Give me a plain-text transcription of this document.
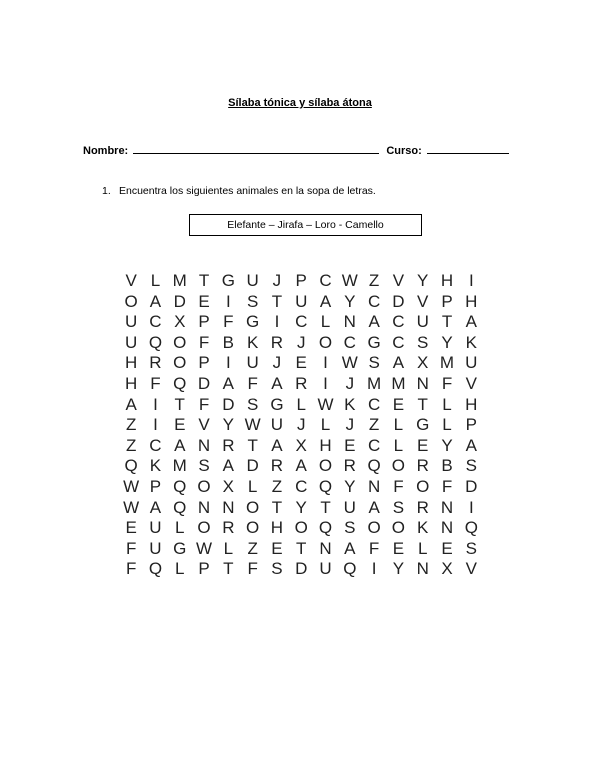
Sílaba tónica y sílaba átona
Nombre:	Curso:
1. Encuentra los siguientes animales en la sopa de letras.
Elefante – Jirafa – Loro - Camello
V L M T G U J P C W Z V Y H I
O A D E I S T U A Y C D V P H
U C X P F G I C L N A C U T A
U Q O F B K R J O C G C S Y K
H R O P I U J E I W S A X M U
H F Q D A F A R I	J M M N F V
A I T F D S G L W K C E T L H
Z I E V Y W U J L J Z L G L P
Z C A N R T A X H E C L E Y A
Q K M S A D R A O R Q O R B S
W P Q O X L Z C Q Y N F O F D
W A Q N N O T Y T U A S R N I
E U L O R O H O Q S O O K N Q
F U G W L Z E T N A F E L E S
F Q L P T F S D U Q I Y N X V
